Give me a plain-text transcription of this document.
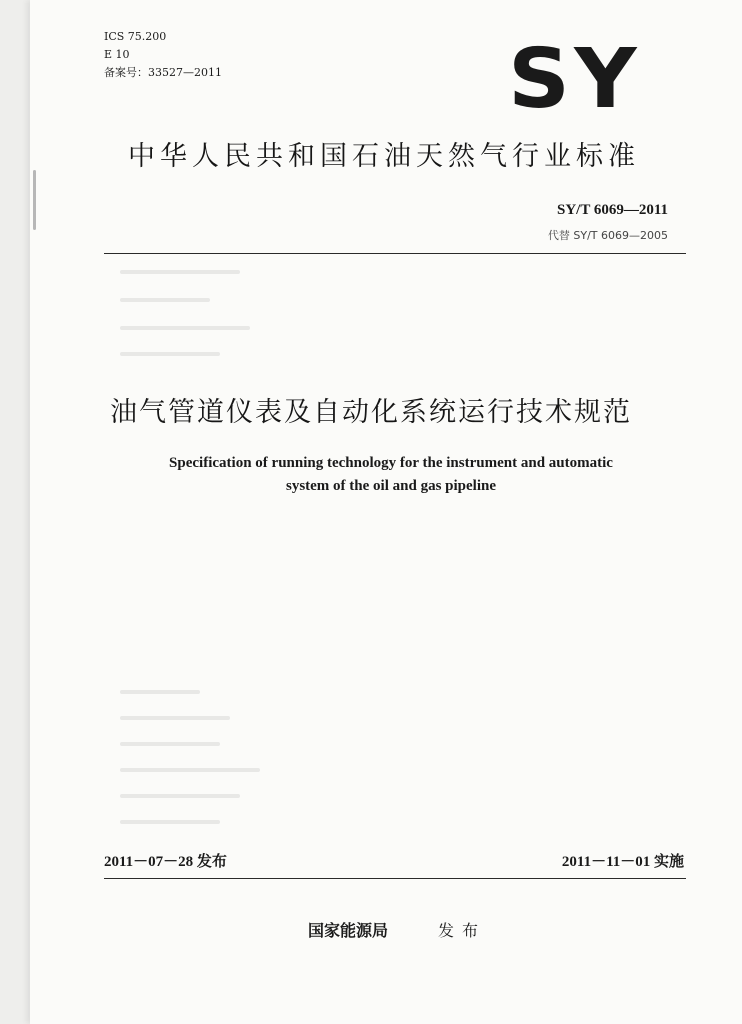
ICS 75.200
E 10
备案号：33527—2011	SY
中华人民共和国石油天然气行业标准
SY/T 6069—2011
代替 SY/T 6069—2005
油气管道仪表及自动化系统运行技术规范
Specification of running technology for the instrument and automatic
system of the oil and gas pipeline
2011－07－28 发布	2011－11－01 实施
国家能源局	发布
